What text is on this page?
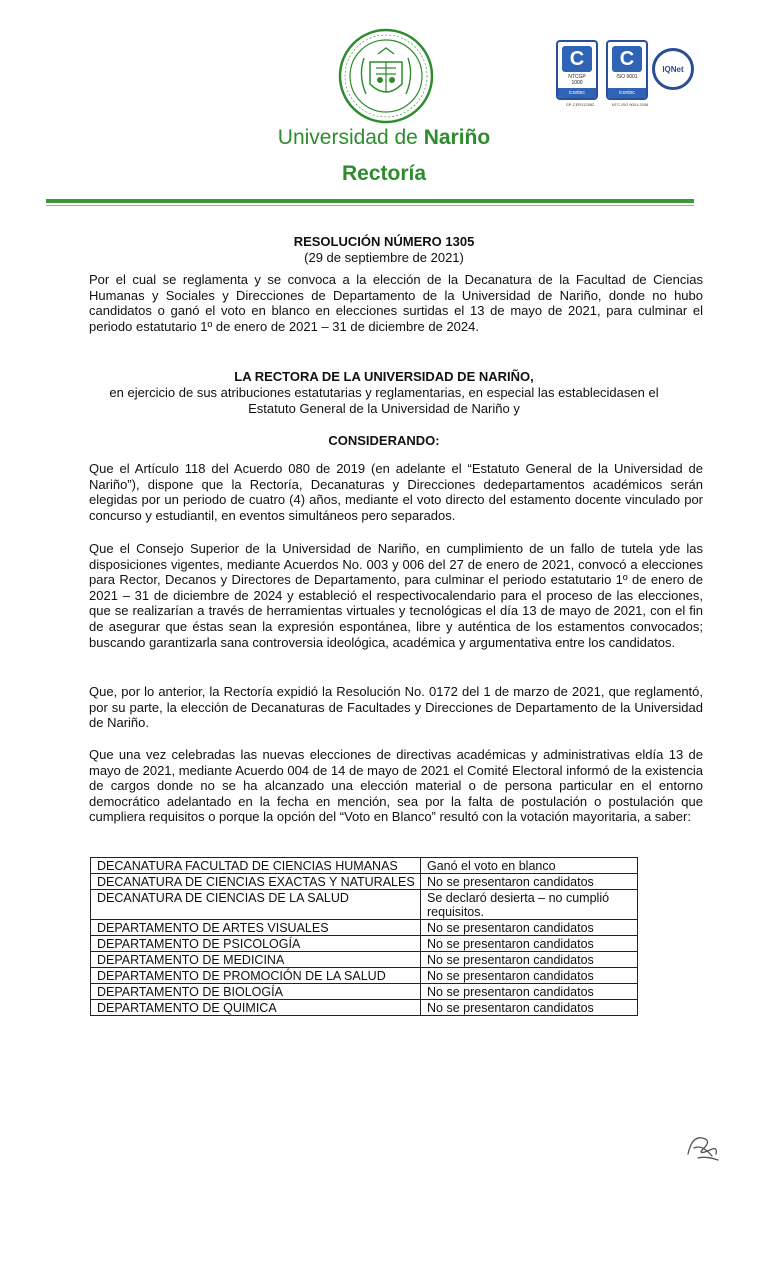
C
NTCGP
1000
icontec
GP-CER112582
C
ISO 9001
icontec
NTC-ISO 9001:2008
IQNet
Universidad de Nariño
Rectoría
RESOLUCIÓN NÚMERO 1305
(29 de septiembre de 2021)
Por el cual se reglamenta y se convoca a la elección de la Decanatura de la Facultad de Ciencias Humanas y Sociales y Direcciones de Departamento de la Universidad de Nariño, donde no hubo candidatos o ganó el voto en blanco en elecciones surtidas el 13 de mayo de 2021, para culminar el periodo estatutario 1º de enero de 2021 – 31 de diciembre de 2024.
LA RECTORA DE LA UNIVERSIDAD DE NARIÑO,
en ejercicio de sus atribuciones estatutarias y reglamentarias, en especial las establecidasen el
Estatuto General de la Universidad de Nariño y
CONSIDERANDO:
Que el Artículo 118 del Acuerdo 080 de 2019 (en adelante el “Estatuto General de la Universidad de Nariño”), dispone que la Rectoría, Decanaturas y Direcciones dedepartamentos académicos serán elegidas por un periodo de cuatro (4) años, mediante el voto directo del estamento docente vinculado por concurso y estudiantil, en eventos simultáneos pero separados.
Que el Consejo Superior de la Universidad de Nariño, en cumplimiento de un fallo de tutela yde las disposiciones vigentes, mediante Acuerdos No. 003 y 006 del 27 de enero de 2021, convocó a elecciones para Rector, Decanos y Directores de Departamento, para culminar el periodo estatutario 1º de enero de 2021 – 31 de diciembre de 2024 y estableció el respectivocalendario para el proceso de las elecciones, que se realizarían a través de herramientas virtuales y tecnológicas el día 13 de mayo de 2021, con el fin de asegurar que éstas sean la expresión espontánea, libre y auténtica de los estamentos convocados; buscando garantizarla sana controversia ideológica, académica y argumentativa entre los candidatos.
Que, por lo anterior, la Rectoría expidió la Resolución No. 0172 del 1 de marzo de 2021, que reglamentó, por su parte, la elección de Decanaturas de Facultades y Direcciones de Departamento de la Universidad de Nariño.
Que una vez celebradas las nuevas elecciones de directivas académicas y administrativas eldía 13 de mayo de 2021, mediante Acuerdo 004 de 14 de mayo de 2021 el Comité Electoral informó de la existencia de cargos donde no se ha alcanzado una elección material o de persona particular en el entorno democrático adelantado en la fecha en mención, sea por la falta de postulación o postulación que cumpliera requisitos o porque la opción del “Voto en Blanco” resultó con la votación mayoritaria, a saber:
DECANATURA FACULTAD DE CIENCIAS HUMANAS	Ganó el voto en blanco
DECANATURA DE CIENCIAS EXACTAS Y NATURALES	No se presentaron candidatos
DECANATURA DE CIENCIAS DE LA SALUD	Se declaró desierta – no cumplió requisitos.
DEPARTAMENTO DE ARTES VISUALES	No se presentaron candidatos
DEPARTAMENTO DE PSICOLOGÍA	No se presentaron candidatos
DEPARTAMENTO DE MEDICINA	No se presentaron candidatos
DEPARTAMENTO DE PROMOCIÓN DE LA SALUD	No se presentaron candidatos
DEPARTAMENTO DE BIOLOGÍA	No se presentaron candidatos
DEPARTAMENTO DE QUIMICA	No se presentaron candidatos
